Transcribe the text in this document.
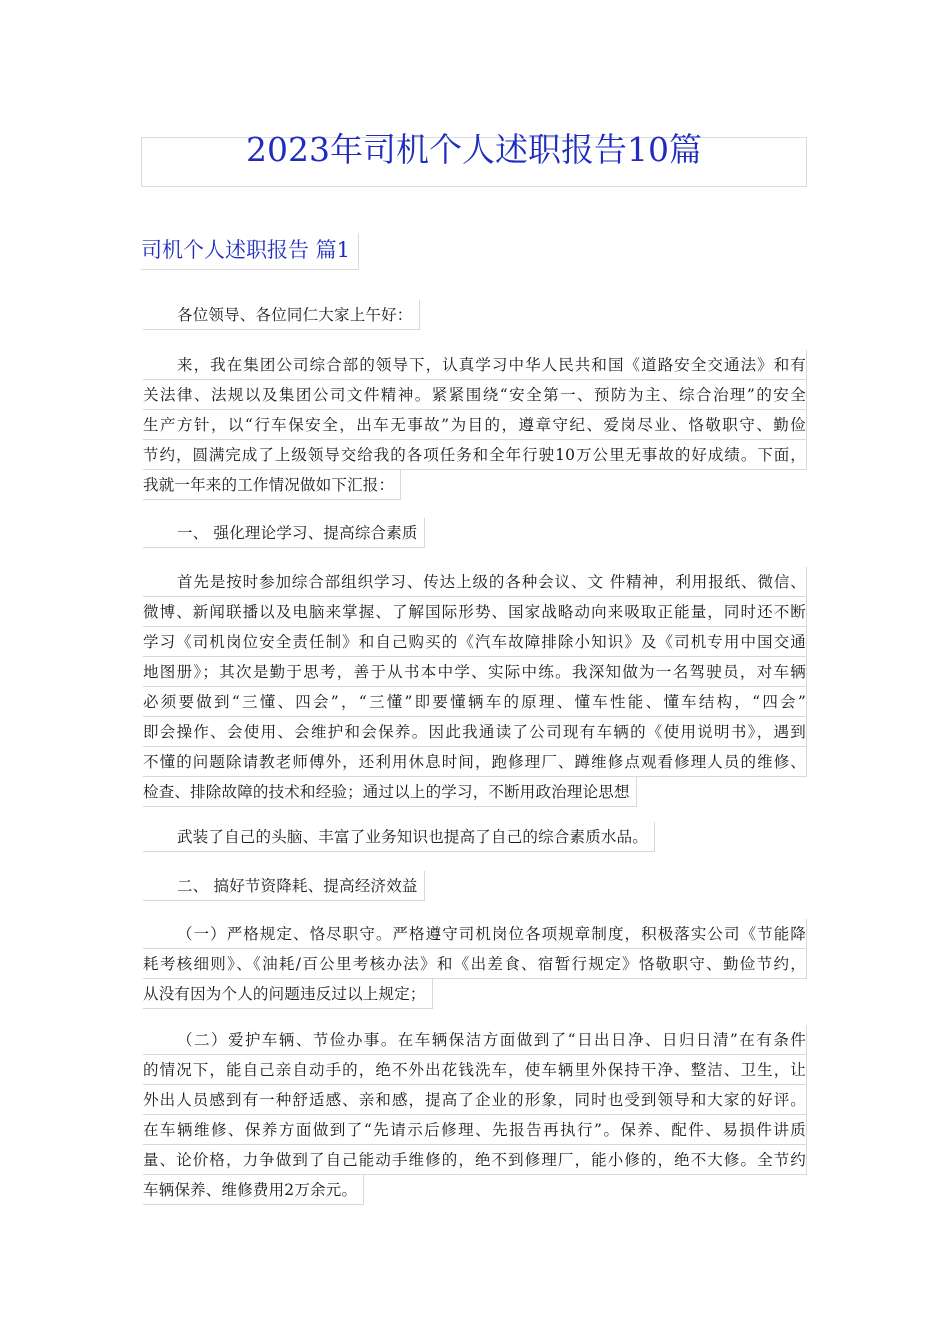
2023年司机个人述职报告10篇
司机个人述职报告 篇1
各位领导、各位同仁大家上午好：
来，我在集团公司综合部的领导下，认真学习中华人民共和国《道路安全交通法》和有
关法律、法规以及集团公司文件精神。紧紧围绕“安全第一、预防为主、综合治理”的安全
生产方针，以“行车保安全，出车无事故”为目的，遵章守纪、爱岗尽业、恪敬职守、勤俭
节约，圆满完成了上级领导交给我的各项任务和全年行驶10万公里无事故的好成绩。下面，
我就一年来的工作情况做如下汇报：
一、 强化理论学习、提高综合素质
首先是按时参加综合部组织学习、传达上级的各种会议、文 件精神，利用报纸、微信、
微博、新闻联播以及电脑来掌握、了解国际形势、国家战略动向来吸取正能量，同时还不断
学习《司机岗位安全责任制》和自己购买的《汽车故障排除小知识》及《司机专用中国交通
地图册》；其次是勤于思考，善于从书本中学、实际中练。我深知做为一名驾驶员，对车辆
必须要做到“三懂、四会”，“三懂”即要懂辆车的原理、懂车性能、懂车结构，“四会”
即会操作、会使用、会维护和会保养。因此我通读了公司现有车辆的《使用说明书》，遇到
不懂的问题除请教老师傅外，还利用休息时间，跑修理厂、蹲维修点观看修理人员的维修、
检查、排除故障的技术和经验；通过以上的学习，不断用政治理论思想
武装了自己的头脑、丰富了业务知识也提高了自己的综合素质水品。
二、 搞好节资降耗、提高经济效益
（一）严格规定、恪尽职守。严格遵守司机岗位各项规章制度，积极落实公司《节能降
耗考核细则》、《油耗/百公里考核办法》和《出差食、宿暂行规定》恪敬职守、勤俭节约，
从没有因为个人的问题违反过以上规定；
（二）爱护车辆、节俭办事。在车辆保洁方面做到了“日出日净、日归日清”在有条件
的情况下，能自己亲自动手的，绝不外出花钱洗车，使车辆里外保持干净、整洁、卫生，让
外出人员感到有一种舒适感、亲和感，提高了企业的形象，同时也受到领导和大家的好评。
在车辆维修、保养方面做到了“先请示后修理、先报告再执行”。保养、配件、易损件讲质
量、论价格，力争做到了自己能动手维修的，绝不到修理厂，能小修的，绝不大修。全节约
车辆保养、维修费用2万余元。
